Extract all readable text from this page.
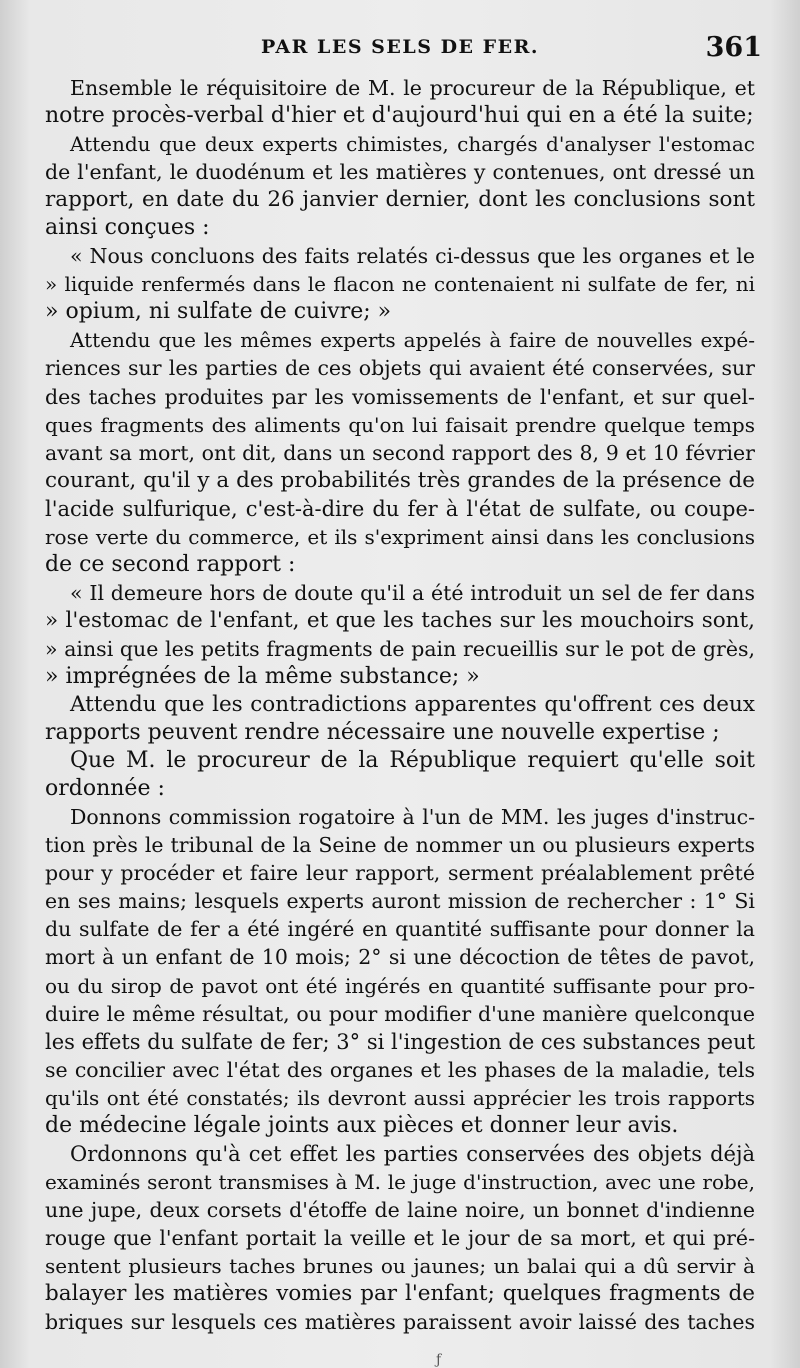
PAR LES SELS DE FER.	361
Ensemble le réquisitoire de M. le procureur de la République, et
notre procès-verbal d'hier et d'aujourd'hui qui en a été la suite;
Attendu que deux experts chimistes, chargés d'analyser l'estomac
de l'enfant, le duodénum et les matières y contenues, ont dressé un
rapport, en date du 26 janvier dernier, dont les conclusions sont
ainsi conçues :
« Nous concluons des faits relatés ci-dessus que les organes et le
» liquide renfermés dans le flacon ne contenaient ni sulfate de fer, ni
» opium, ni sulfate de cuivre; »
Attendu que les mêmes experts appelés à faire de nouvelles expé-
riences sur les parties de ces objets qui avaient été conservées, sur
des taches produites par les vomissements de l'enfant, et sur quel-
ques fragments des aliments qu'on lui faisait prendre quelque temps
avant sa mort, ont dit, dans un second rapport des 8, 9 et 10 février
courant, qu'il y a des probabilités très grandes de la présence de
l'acide sulfurique, c'est-à-dire du fer à l'état de sulfate, ou coupe-
rose verte du commerce, et ils s'expriment ainsi dans les conclusions
de ce second rapport :
« Il demeure hors de doute qu'il a été introduit un sel de fer dans
» l'estomac de l'enfant, et que les taches sur les mouchoirs sont,
» ainsi que les petits fragments de pain recueillis sur le pot de grès,
» imprégnées de la même substance; »
Attendu que les contradictions apparentes qu'offrent ces deux
rapports peuvent rendre nécessaire une nouvelle expertise ;
Que M. le procureur de la République requiert qu'elle soit
ordonnée :
Donnons commission rogatoire à l'un de MM. les juges d'instruc-
tion près le tribunal de la Seine de nommer un ou plusieurs experts
pour y procéder et faire leur rapport, serment préalablement prêté
en ses mains; lesquels experts auront mission de rechercher : 1° Si
du sulfate de fer a été ingéré en quantité suffisante pour donner la
mort à un enfant de 10 mois; 2° si une décoction de têtes de pavot,
ou du sirop de pavot ont été ingérés en quantité suffisante pour pro-
duire le même résultat, ou pour modifier d'une manière quelconque
les effets du sulfate de fer; 3° si l'ingestion de ces substances peut
se concilier avec l'état des organes et les phases de la maladie, tels
qu'ils ont été constatés; ils devront aussi apprécier les trois rapports
de médecine légale joints aux pièces et donner leur avis.
Ordonnons qu'à cet effet les parties conservées des objets déjà
examinés seront transmises à M. le juge d'instruction, avec une robe,
une jupe, deux corsets d'étoffe de laine noire, un bonnet d'indienne
rouge que l'enfant portait la veille et le jour de sa mort, et qui pré-
sentent plusieurs taches brunes ou jaunes; un balai qui a dû servir à
balayer les matières vomies par l'enfant; quelques fragments de
briques sur lesquels ces matières paraissent avoir laissé des taches
ƒ
